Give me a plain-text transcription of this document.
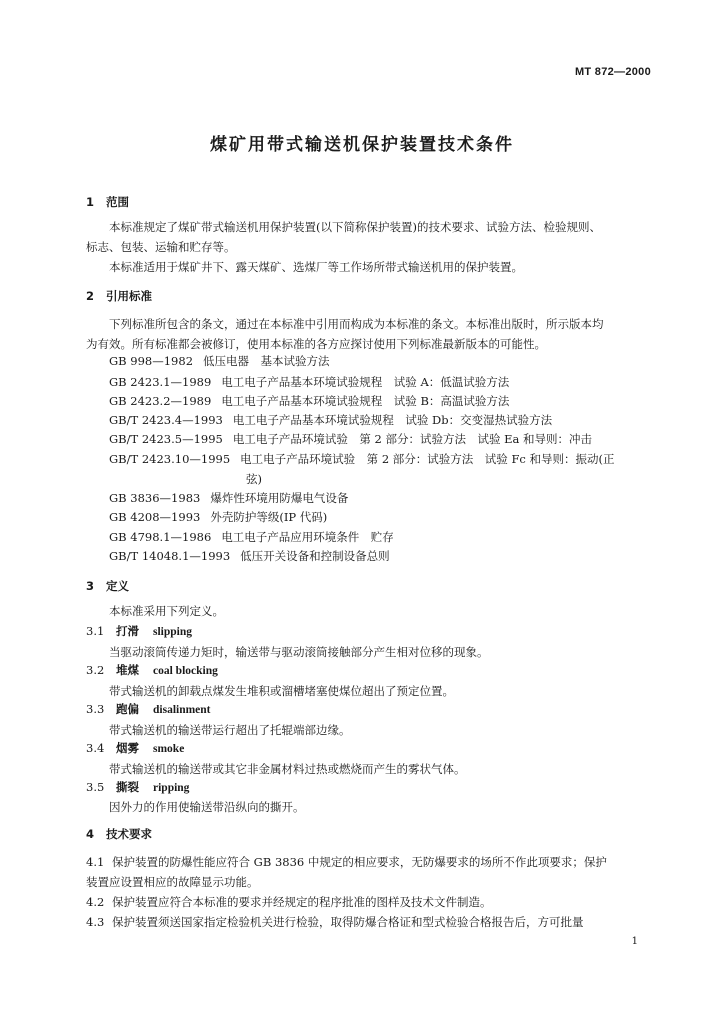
MT 872—2000
煤矿用带式输送机保护装置技术条件
1 范围
本标准规定了煤矿带式输送机用保护装置(以下简称保护装置)的技术要求、试验方法、检验规则、
标志、包装、运输和贮存等。
本标准适用于煤矿井下、露天煤矿、选煤厂等工作场所带式输送机用的保护装置。
2 引用标准
下列标准所包含的条文，通过在本标准中引用而构成为本标准的条文。本标准出版时，所示版本均
为有效。所有标准都会被修订，使用本标准的各方应探讨使用下列标准最新版本的可能性。
GB 998—1982 低压电器　基本试验方法
GB 2423.1—1989 电工电子产品基本环境试验规程　试验 A：低温试验方法
GB 2423.2—1989 电工电子产品基本环境试验规程　试验 B：高温试验方法
GB/T 2423.4—1993 电工电子产品基本环境试验规程　试验 Db：交变湿热试验方法
GB/T 2423.5—1995 电工电子产品环境试验　第 2 部分：试验方法　试验 Ea 和导则：冲击
GB/T 2423.10—1995 电工电子产品环境试验　第 2 部分：试验方法　试验 Fc 和导则：振动(正
弦)
GB 3836—1983 爆炸性环境用防爆电气设备
GB 4208—1993 外壳防护等级(IP 代码)
GB 4798.1—1986 电工电子产品应用环境条件　贮存
GB/T 14048.1—1993 低压开关设备和控制设备总则
3 定义
本标准采用下列定义。
3.1 打滑 slipping
当驱动滚筒传递力矩时，输送带与驱动滚筒接触部分产生相对位移的现象。
3.2 堆煤 coal blocking
带式输送机的卸载点煤发生堆积或溜槽堵塞使煤位超出了预定位置。
3.3 跑偏 disalinment
带式输送机的输送带运行超出了托辊端部边缘。
3.4 烟雾 smoke
带式输送机的输送带或其它非金属材料过热或燃烧而产生的雾状气体。
3.5 撕裂 ripping
因外力的作用使输送带沿纵向的撕开。
4 技术要求
4.1 保护装置的防爆性能应符合 GB 3836 中规定的相应要求，无防爆要求的场所不作此项要求；保护
装置应设置相应的故障显示功能。
4.2 保护装置应符合本标准的要求并经规定的程序批准的图样及技术文件制造。
4.3 保护装置须送国家指定检验机关进行检验，取得防爆合格证和型式检验合格报告后，方可批量
1
